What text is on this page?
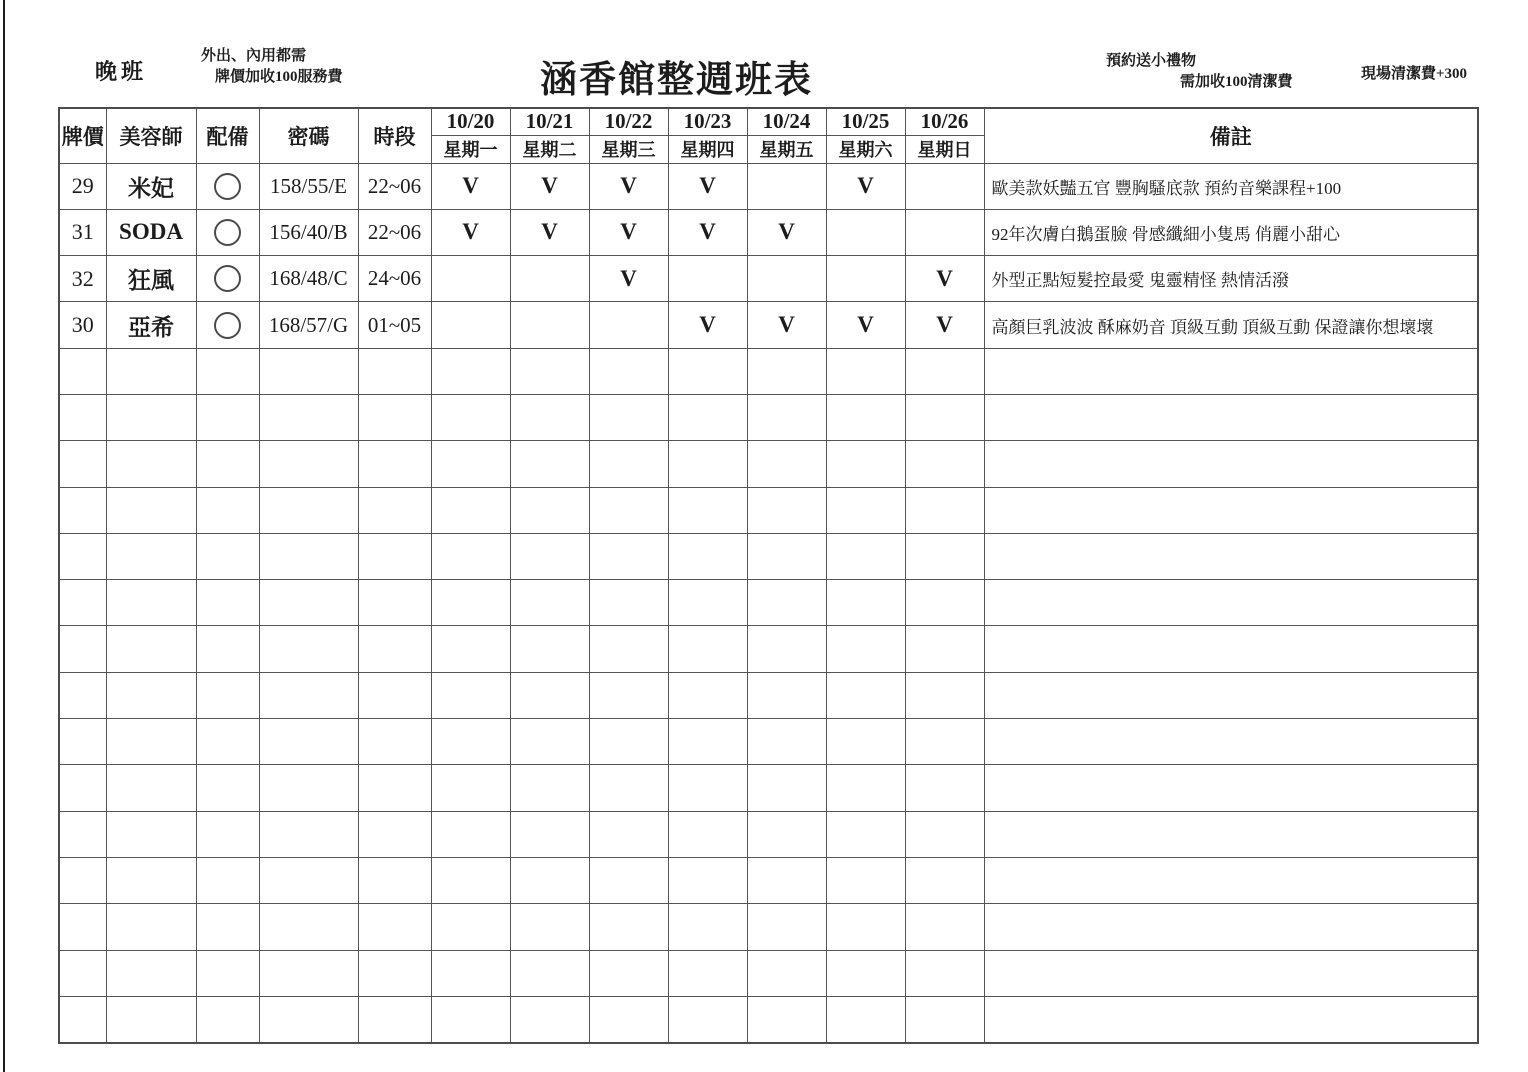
晚班
外出、內用都需
牌價加收100服務費	涵香館整週班表	預約送小禮物
需加收100清潔費	現場清潔費+300
牌價	美容師	配備	密碼	時段	10/20	10/21	10/22	10/23	10/24	10/25	10/26	備註
					星期一	星期二	星期三	星期四	星期五	星期六	星期日	
29	米妃		158/55/E	22~06	V	V	V	V		V		歐美款妖豔五官 豐胸騷底款 預約音樂課程+100
31	SODA		156/40/B	22~06	V	V	V	V	V			92年次膚白鵝蛋臉 骨感纖細小隻馬 俏麗小甜心
32	狂風		168/48/C	24~06			V				V	外型正點短髮控最愛 鬼靈精怪 熱情活潑
30	亞希		168/57/G	01~05				V	V	V	V	高顏巨乳波波 酥麻奶音 頂級互動 頂級互動 保證讓你想壞壞
